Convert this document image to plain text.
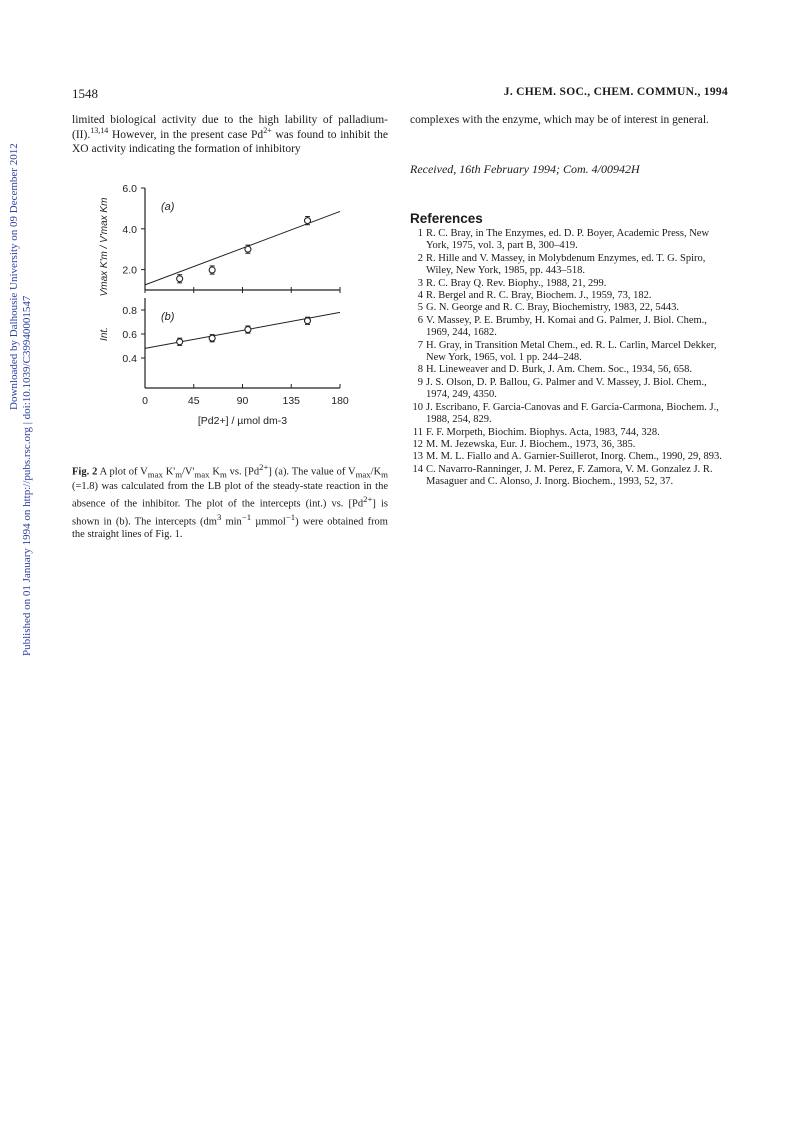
1548	J. CHEM. SOC., CHEM. COMMUN., 1994
Downloaded by Dalhousie University on 09 December 2012
Published on 01 January 1994 on http://pubs.rsc.org | doi:10.1039/C39940001547
limited biological activity due to the high lability of palladium-(II).$^{13,14}$ However, in the present case $Pd^{2+}$ was found to inhibit the XO activity indicating the formation of inhibitory
complexes with the enzyme, which may be of interest in general.
Received, 16th February 1994; Com. 4/00942H
2.0
4.0
6.0
(a)
Vmax K'm / V'max Km
0.4
0.6
0.8 (b)
Int.
0	45	90	135	180
[Pd2+] / µmol dm-3
Fig. 2 A plot of $V_{max}$ $K'_m/V'_{max}$ $K_m$ vs. $[Pd^{2+}]$ (a). The value of $V_{max}/K_m$ (=1.8) was calculated from the LB plot of the steady-state reaction in the absence of the inhibitor. The plot of the intercepts (int.) vs. $[Pd^{2+}]$ is shown in (b). The intercepts ($dm^3$ $\min^{-1}$ µmmol$^{-1}$) were obtained from the straight lines of Fig. 1.
References
1 R. C. Bray, in The Enzymes, ed. D. P. Boyer, Academic Press, New York, 1975, vol. 3, part B, 300–419.
2 R. Hille and V. Massey, in Molybdenum Enzymes, ed. T. G. Spiro, Wiley, New York, 1985, pp. 443–518.
3 R. C. Bray Q. Rev. Biophy., 1988, 21, 299.
4 R. Bergel and R. C. Bray, Biochem. J., 1959, 73, 182.
5 G. N. George and R. C. Bray, Biochemistry, 1983, 22, 5443.
6 V. Massey, P. E. Brumby, H. Komai and G. Palmer, J. Biol. Chem., 1969, 244, 1682.
7 H. Gray, in Transition Metal Chem., ed. R. L. Carlin, Marcel Dekker, New York, 1965, vol. 1 pp. 244–248.
8 H. Lineweaver and D. Burk, J. Am. Chem. Soc., 1934, 56, 658.
9 J. S. Olson, D. P. Ballou, G. Palmer and V. Massey, J. Biol. Chem., 1974, 249, 4350.
10 J. Escribano, F. Garcia-Canovas and F. Garcia-Carmona, Biochem. J., 1988, 254, 829.
11 F. F. Morpeth, Biochim. Biophys. Acta, 1983, 744, 328.
12 M. M. Jezewska, Eur. J. Biochem., 1973, 36, 385.
13 M. M. L. Fiallo and A. Garnier-Suillerot, Inorg. Chem., 1990, 29, 893.
14 C. Navarro-Ranninger, J. M. Perez, F. Zamora, V. M. Gonzalez J. R. Masaguer and C. Alonso, J. Inorg. Biochem., 1993, 52, 37.
